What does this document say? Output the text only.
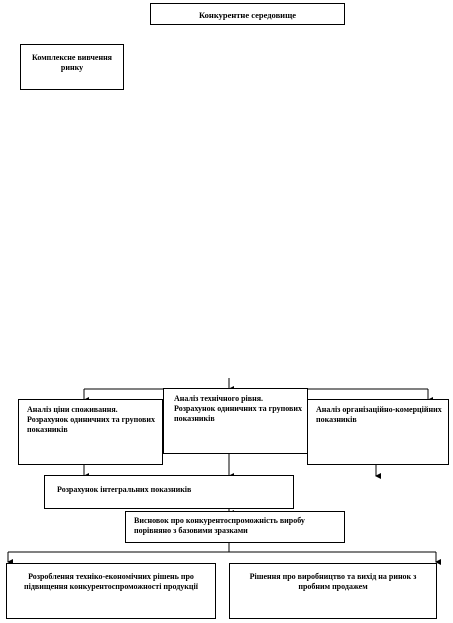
Конкурентне середовище
Комплексне вивчення ринку
Аналіз ціни споживання. Розрахунок одиничних та групових показників
Аналіз технічного рівня. Розрахунок одиничних та групових показників
Аналіз організаційно-комерційних показників
Розрахунок інтегральних показників
Висновок про конкурентоспроможність виробу порівняно з базовими зразками
Розроблення техніко-економічних рішень про підвищення конкурентоспроможності продукції
Рішення про виробництво та вихід на ринок з пробним продажем
